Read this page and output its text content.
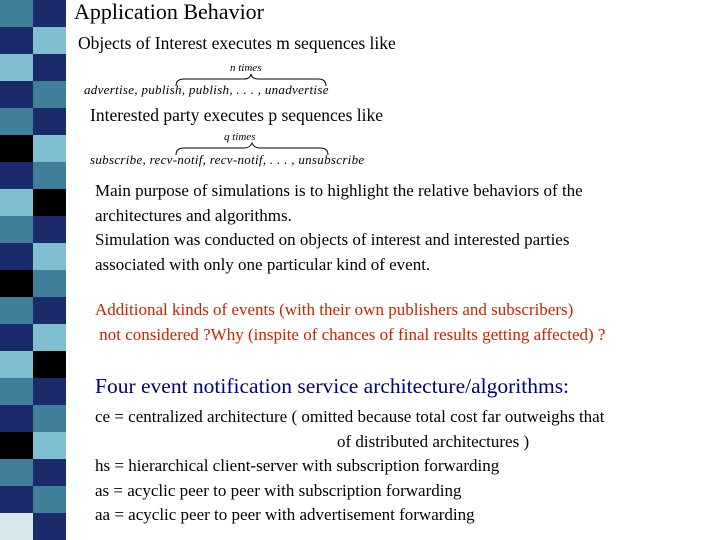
Application Behavior
Objects of Interest executes m sequences like
n times
advertise, publish, publish, . . . , unadvertise
Interested party executes p sequences like
q times
subscribe, recv-notif, recv-notif, . . . , unsubscribe
Main purpose of simulations is to highlight the relative behaviors of the
architectures and algorithms.
Simulation was conducted on objects of interest and interested parties
associated with only one particular kind of event.
Additional kinds of events (with their own publishers and subscribers)
not considered ?Why (inspite of chances of final results getting affected) ?
Four event notification service architecture/algorithms:
ce = centralized architecture ( omitted because total cost far outweighs that
of distributed architectures )
hs = hierarchical client-server with subscription forwarding
as = acyclic peer to peer with subscription forwarding
aa = acyclic peer to peer with advertisement forwarding
